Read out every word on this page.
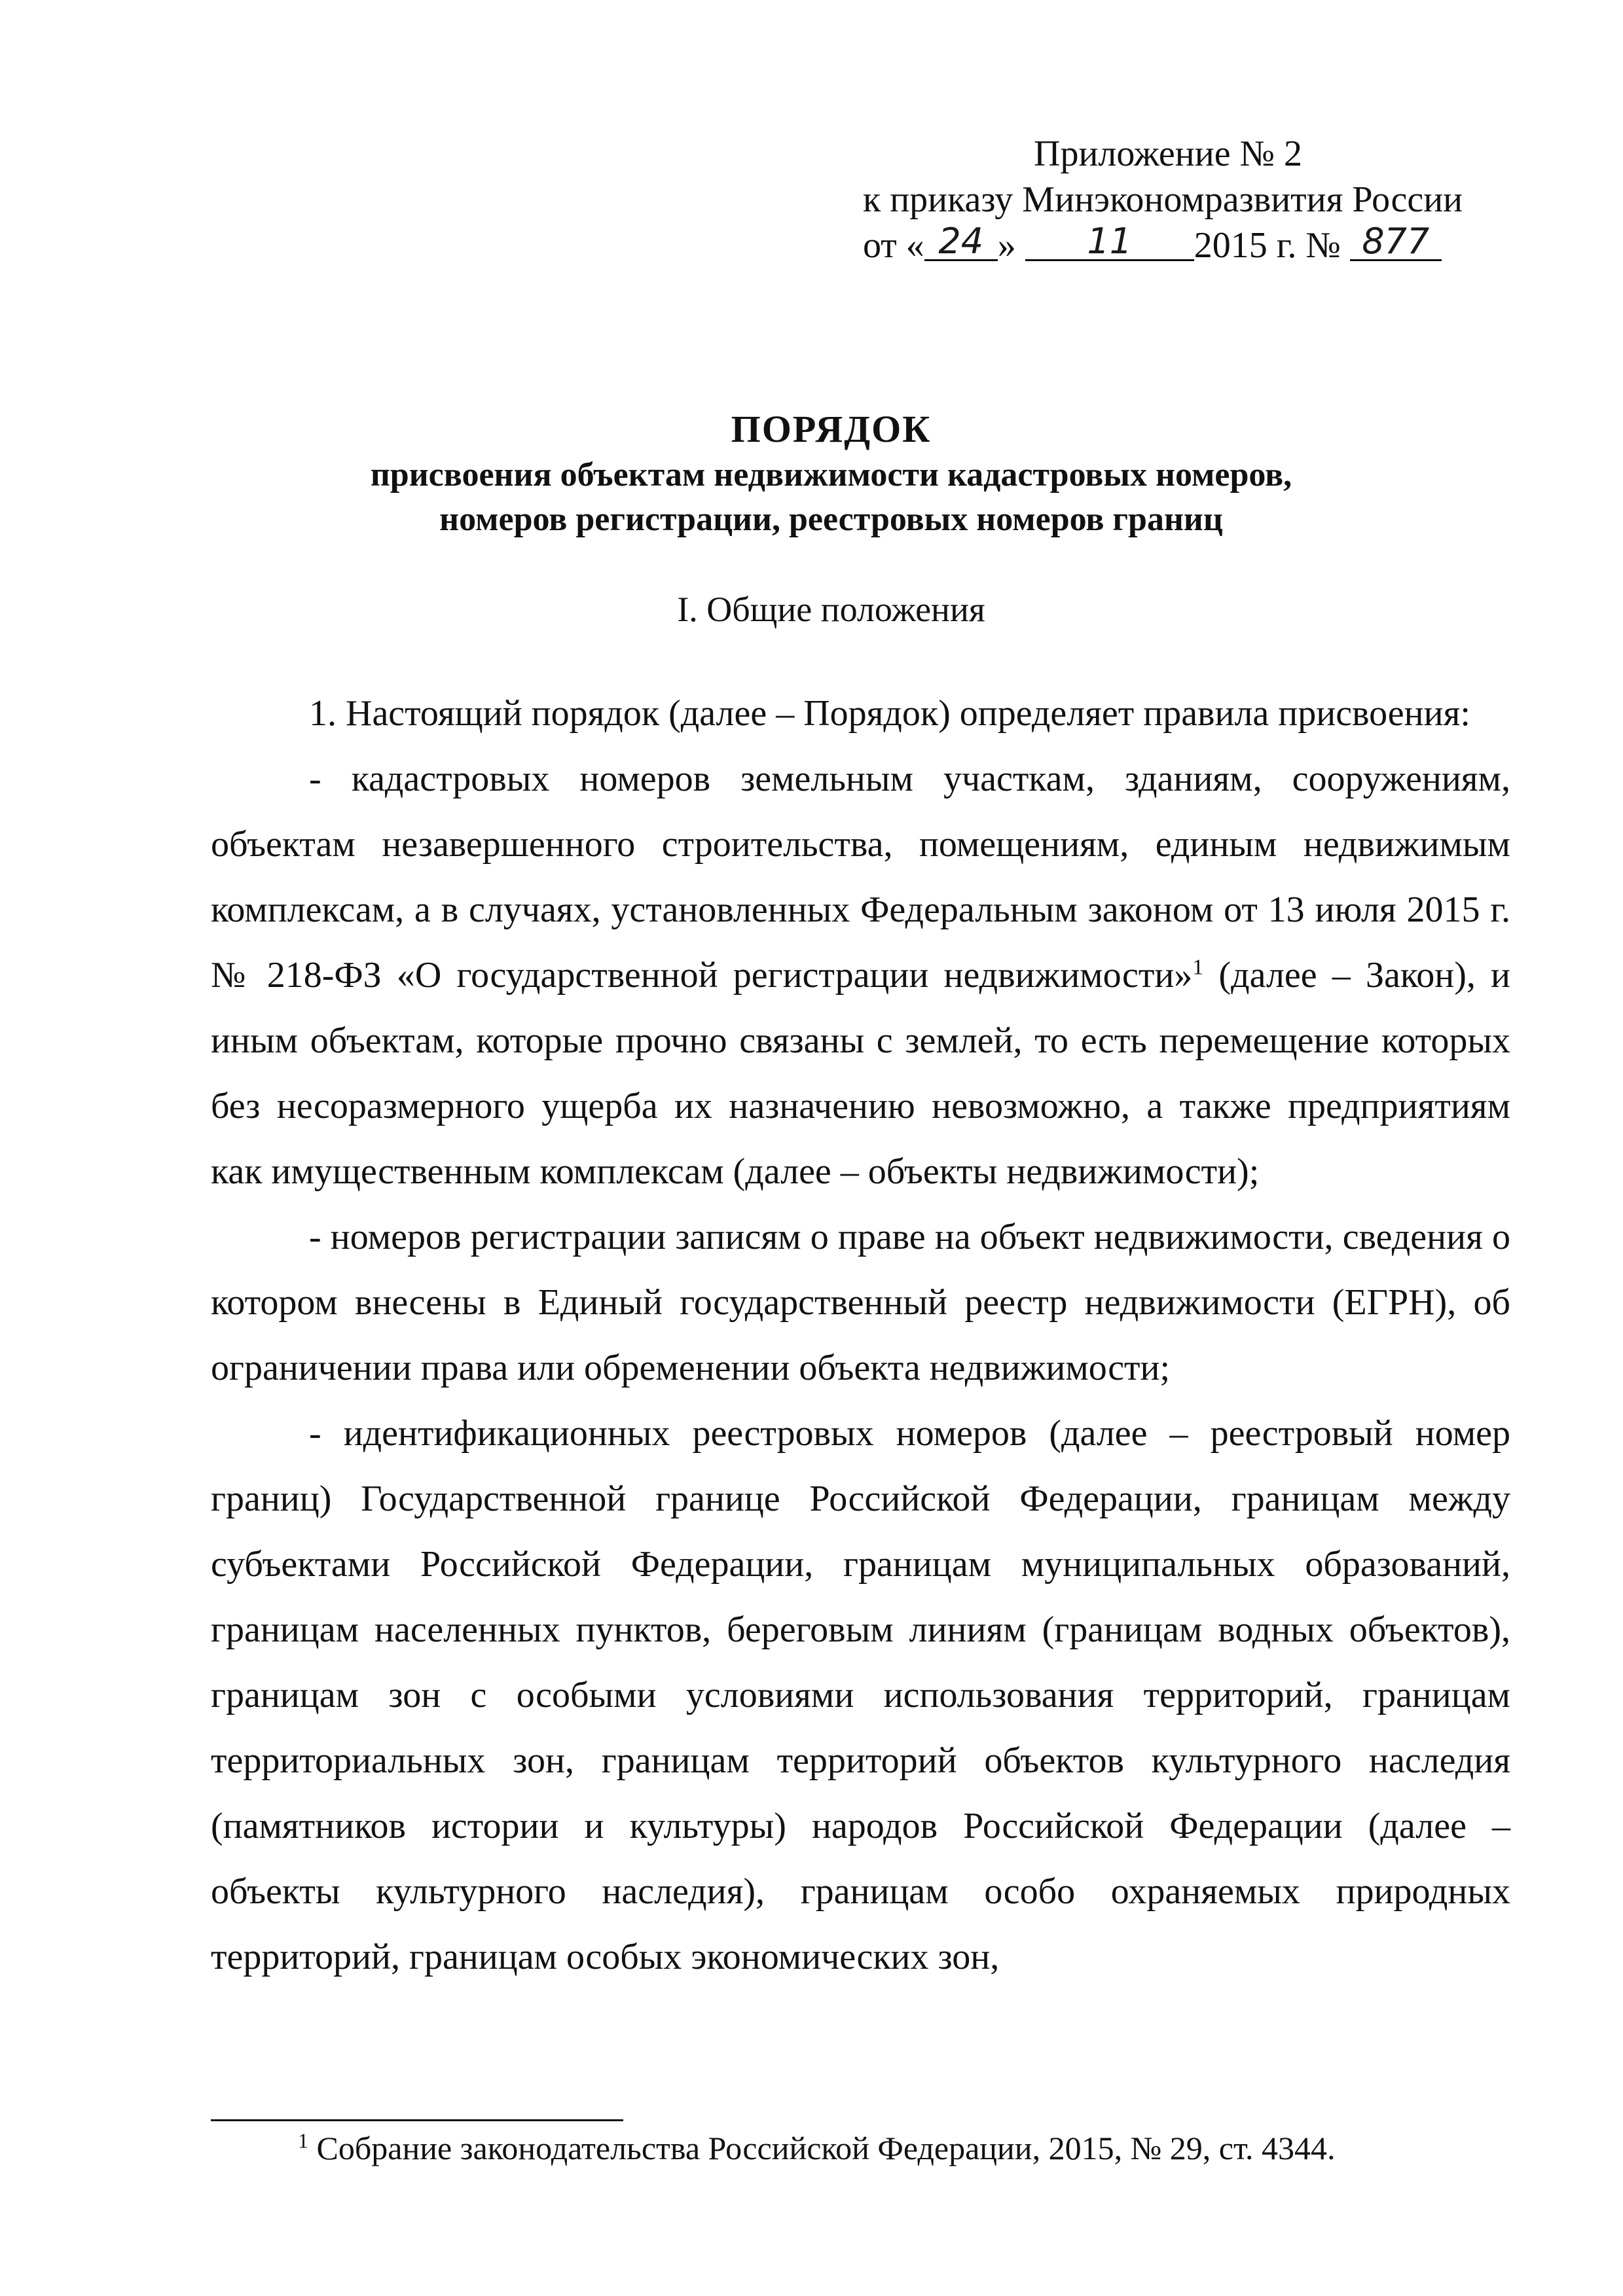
Приложение № 2
к приказу Минэкономразвития России
от « 24 » 11 2015 г. № 877
ПОРЯДОК
присвоения объектам недвижимости кадастровых номеров,
номеров регистрации, реестровых номеров границ
I. Общие положения

1. Настоящий порядок (далее – Порядок) определяет правила присвоения:

- кадастровых номеров земельным участкам, зданиям, сооружениям, объектам незавершенного строительства, помещениям, единым недвижимым комплексам, а в случаях, установленных Федеральным законом от 13 июля 2015 г. № 218-ФЗ «О государственной регистрации недвижимости»$^1$ (далее – Закон), и иным объектам, которые прочно связаны с землей, то есть перемещение которых без несоразмерного ущерба их назначению невозможно, а также предприятиям как имущественным комплексам (далее – объекты недвижимости);

- номеров регистрации записям о праве на объект недвижимости, сведения о котором внесены в Единый государственный реестр недвижимости (ЕГРН), об ограничении права или обременении объекта недвижимости;

- идентификационных реестровых номеров (далее – реестровый номер границ) Государственной границе Российской Федерации, границам между субъектами Российской Федерации, границам муниципальных образований, границам населенных пунктов, береговым линиям (границам водных объектов), границам зон с особыми условиями использования территорий, границам территориальных зон, границам территорий объектов культурного наследия (памятников истории и культуры) народов Российской Федерации (далее – объекты культурного наследия), границам особо охраняемых природных территорий, границам особых экономических зон,

$^1$ Собрание законодательства Российской Федерации, 2015, № 29, ст. 4344.
